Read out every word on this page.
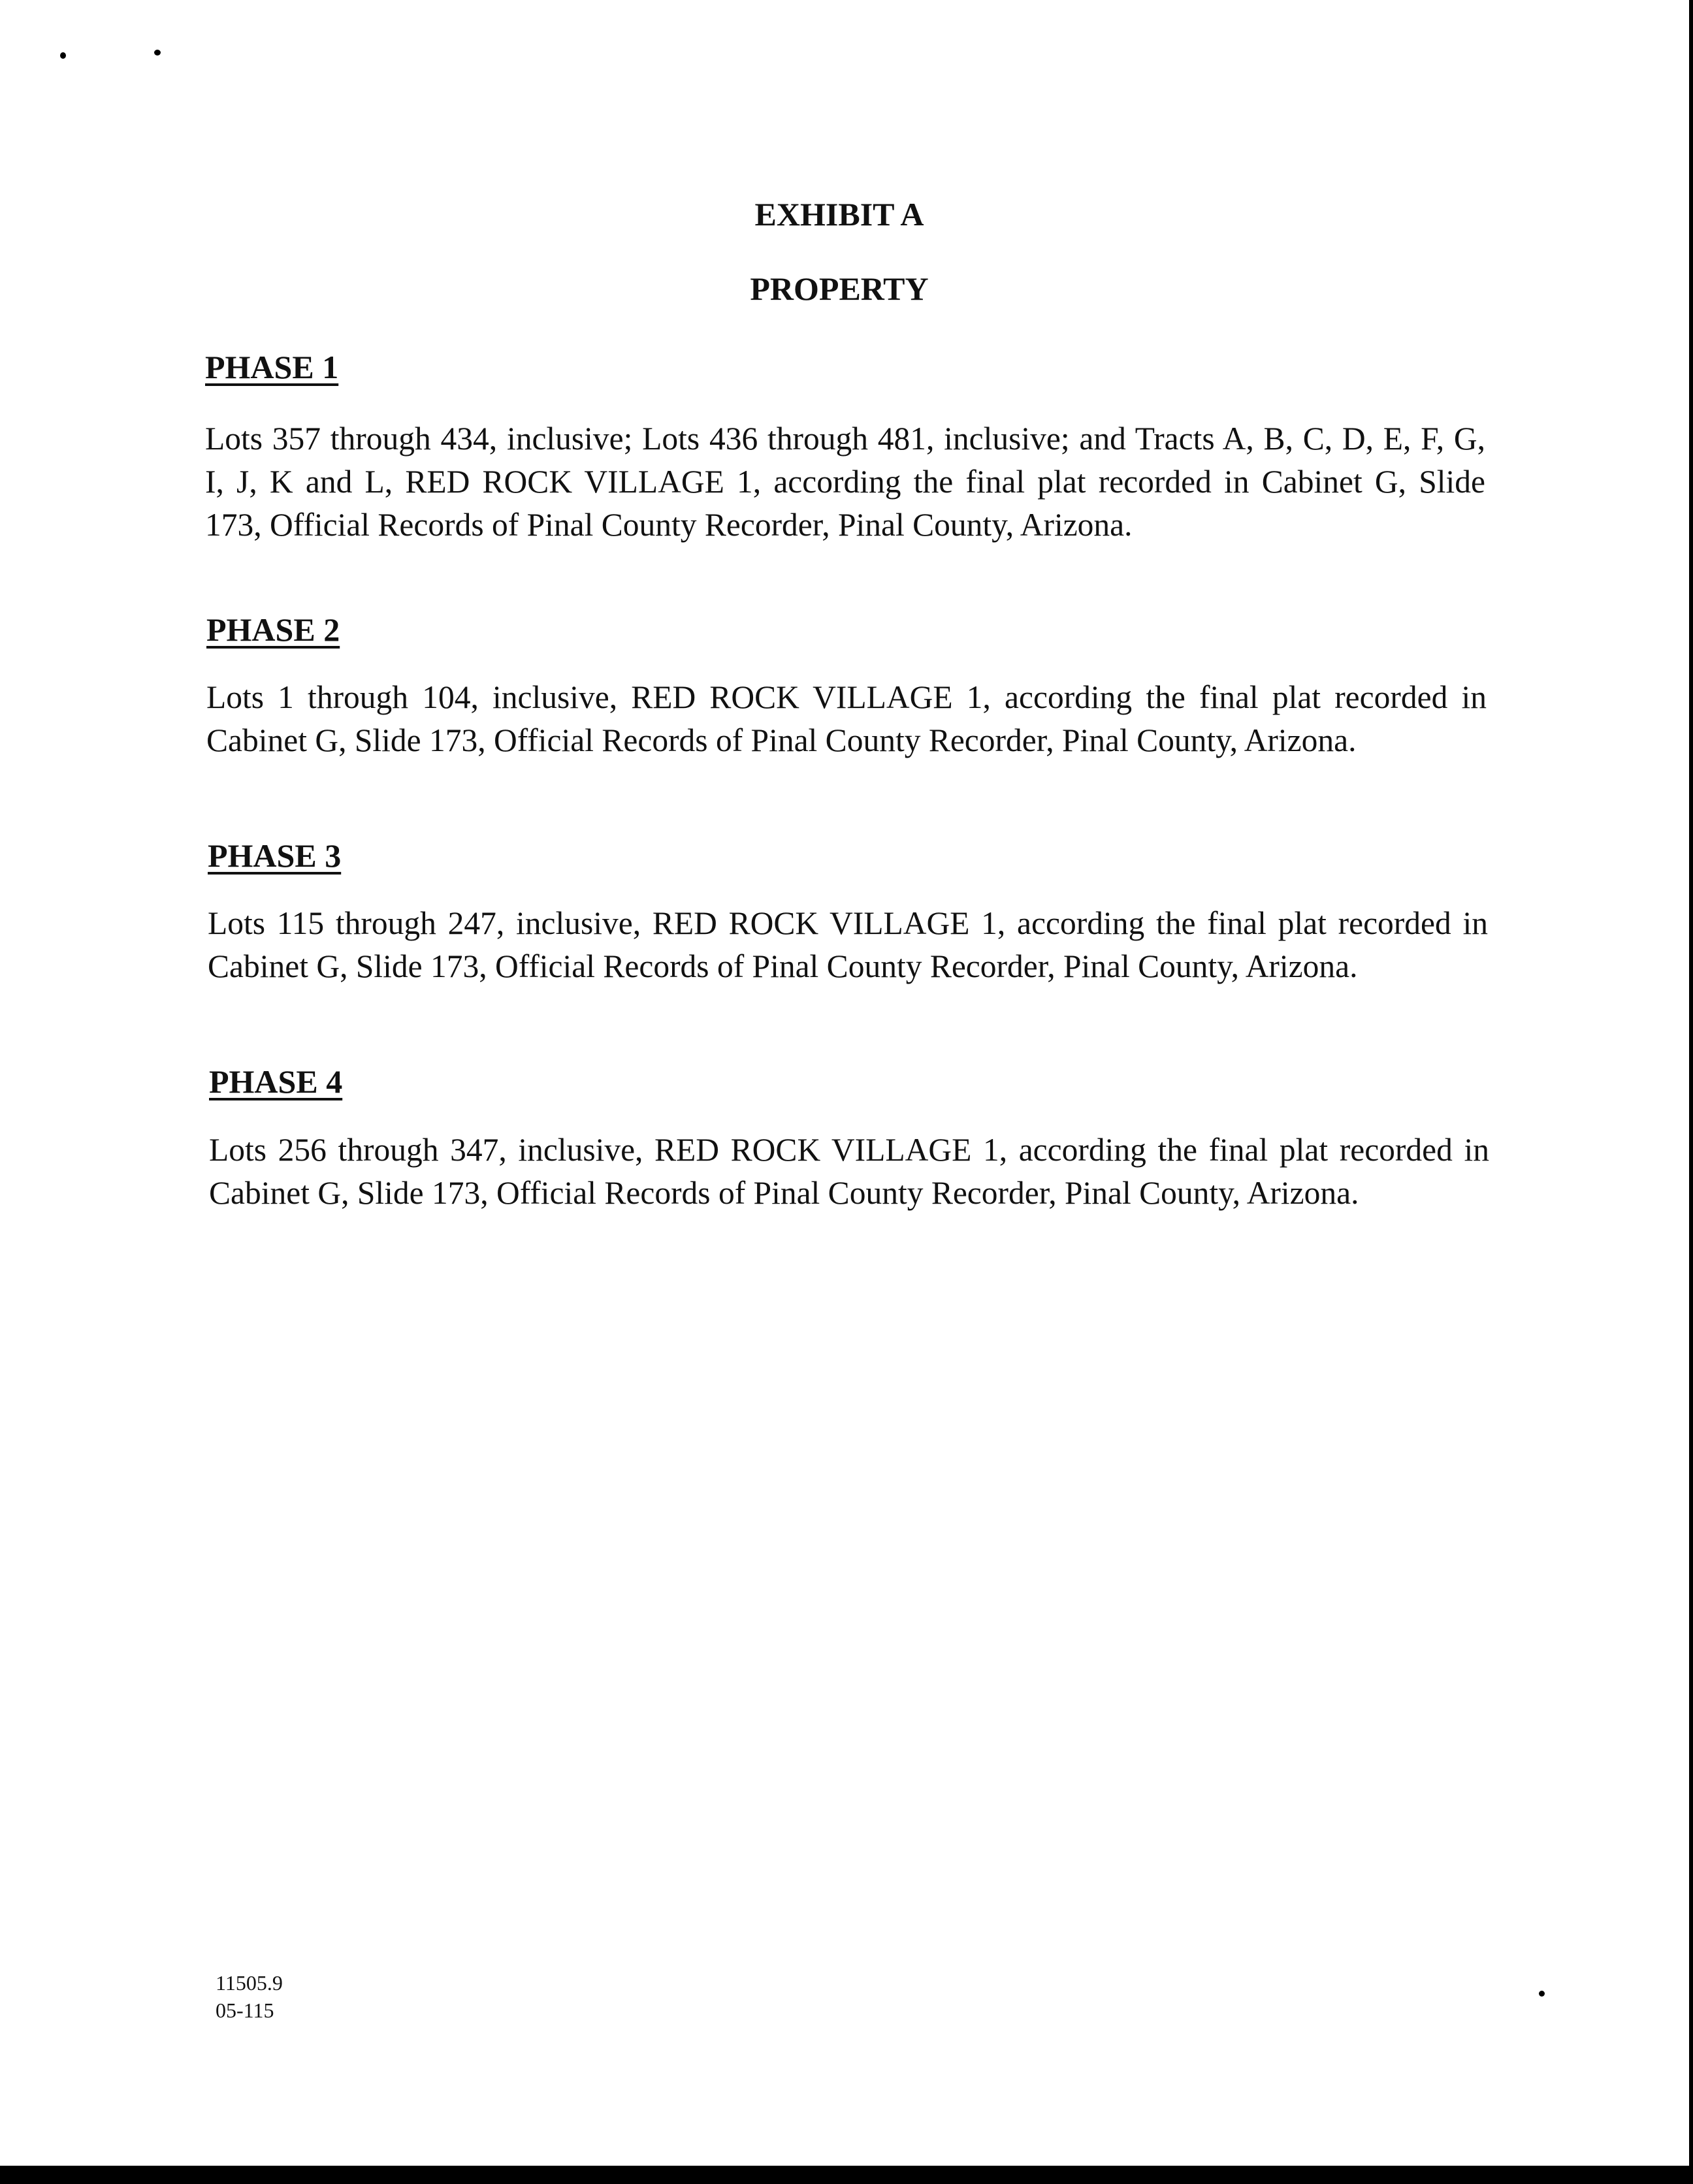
EXHIBIT A

PROPERTY

PHASE 1

Lots 357 through 434, inclusive; Lots 436 through 481, inclusive; and Tracts A, B, C, D, E, F, G,
I, J, K and L, RED ROCK VILLAGE 1, according the final plat recorded in Cabinet G, Slide
173, Official Records of Pinal County Recorder, Pinal County, Arizona.

PHASE 2

Lots 1 through 104, inclusive, RED ROCK VILLAGE 1, according the final plat recorded in
Cabinet G, Slide 173, Official Records of Pinal County Recorder, Pinal County, Arizona.

PHASE 3

Lots 115 through 247, inclusive, RED ROCK VILLAGE 1, according the final plat recorded in
Cabinet G, Slide 173, Official Records of Pinal County Recorder, Pinal County, Arizona.

PHASE 4

Lots 256 through 347, inclusive, RED ROCK VILLAGE 1, according the final plat recorded in
Cabinet G, Slide 173, Official Records of Pinal County Recorder, Pinal County, Arizona.

11505.9

05-115
